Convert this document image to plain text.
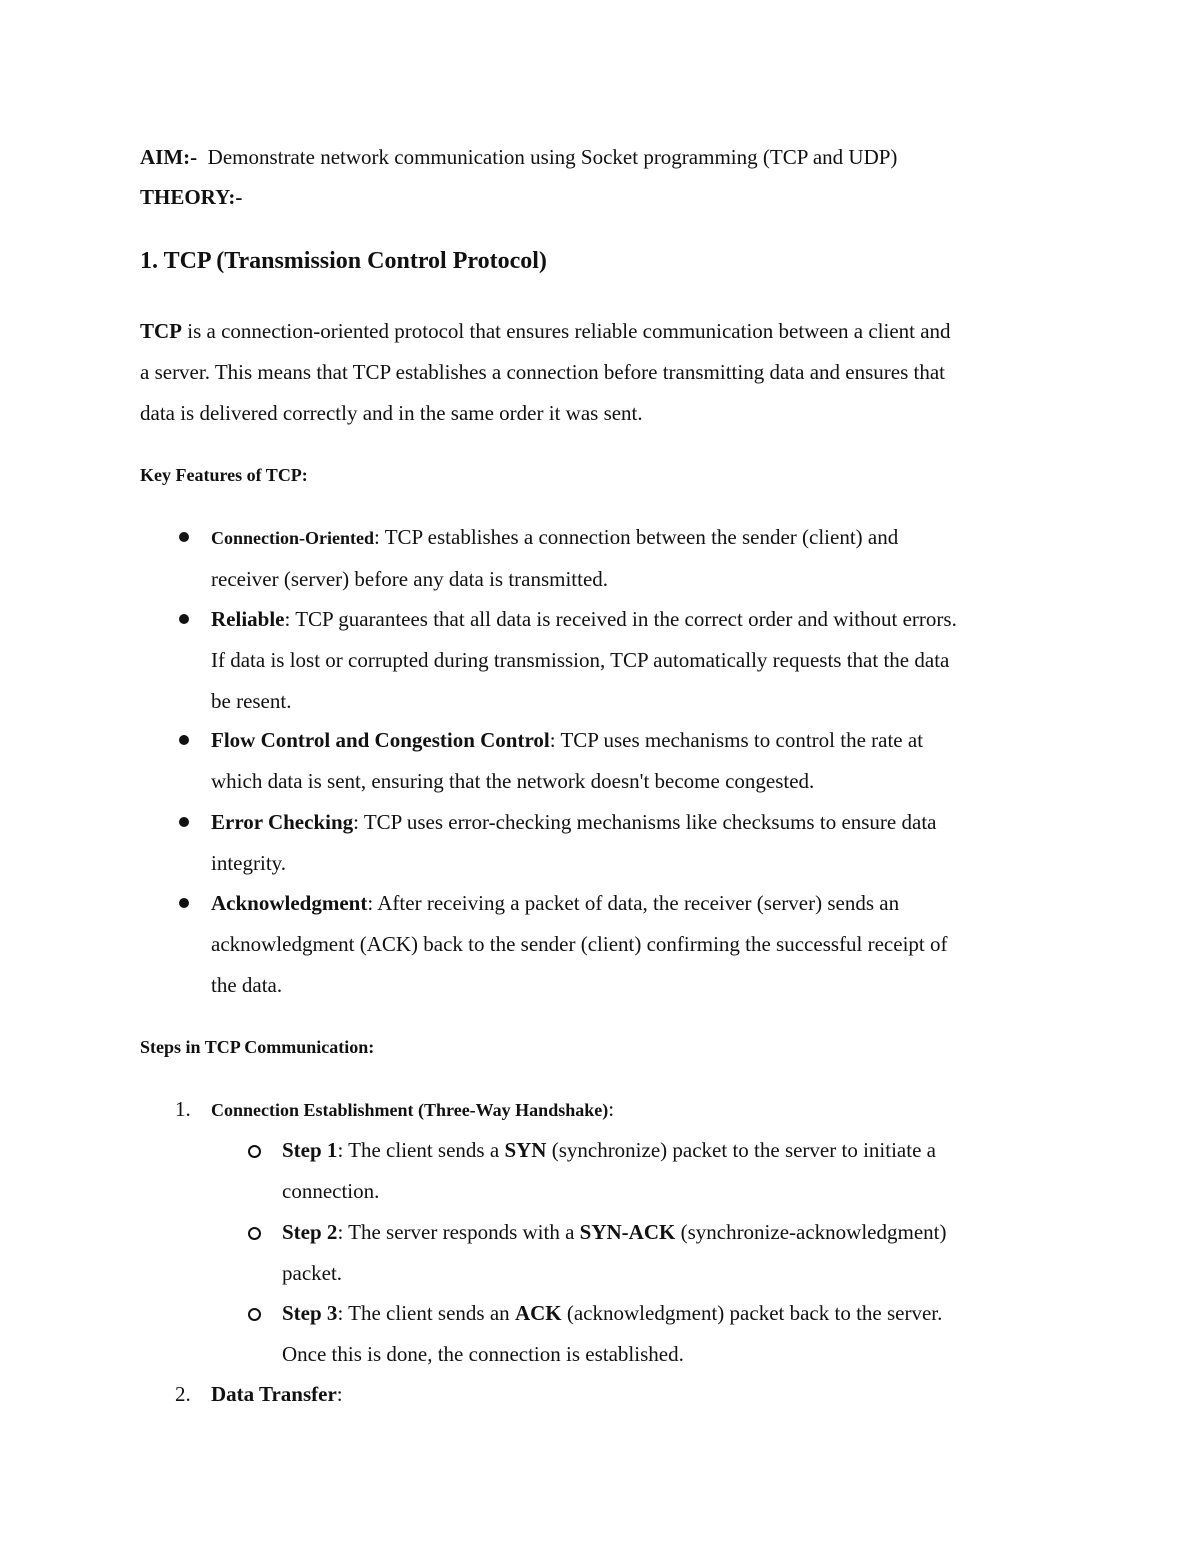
AIM:- Demonstrate network communication using Socket programming (TCP and UDP)
THEORY:-
1. TCP (Transmission Control Protocol)
TCP is a connection-oriented protocol that ensures reliable communication between a client and
a server. This means that TCP establishes a connection before transmitting data and ensures that
data is delivered correctly and in the same order it was sent.
Key Features of TCP:
Connection-Oriented: TCP establishes a connection between the sender (client) and
receiver (server) before any data is transmitted.
Reliable: TCP guarantees that all data is received in the correct order and without errors.
If data is lost or corrupted during transmission, TCP automatically requests that the data
be resent.
Flow Control and Congestion Control: TCP uses mechanisms to control the rate at
which data is sent, ensuring that the network doesn't become congested.
Error Checking: TCP uses error-checking mechanisms like checksums to ensure data
integrity.
Acknowledgment: After receiving a packet of data, the receiver (server) sends an
acknowledgment (ACK) back to the sender (client) confirming the successful receipt of
the data.
Steps in TCP Communication:
1. Connection Establishment (Three-Way Handshake):
Step 1: The client sends a SYN (synchronize) packet to the server to initiate a
connection.
Step 2: The server responds with a SYN-ACK (synchronize-acknowledgment)
packet.
Step 3: The client sends an ACK (acknowledgment) packet back to the server.
Once this is done, the connection is established.
2. Data Transfer:
